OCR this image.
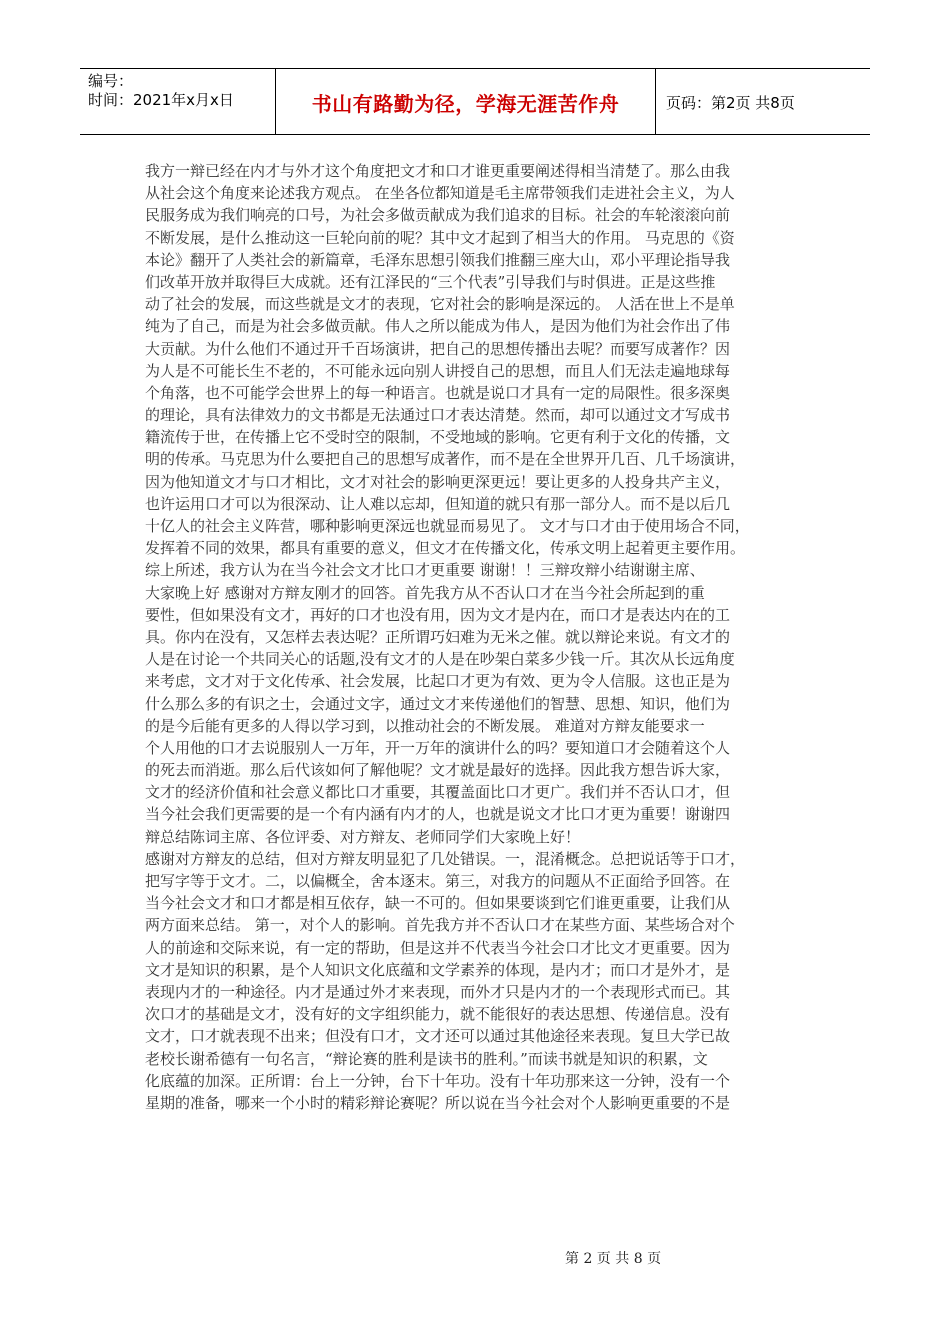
编号：
时间：2021年x月x日	书山有路勤为径，学海无涯苦作舟	页码：第2页 共8页
我方一辩已经在内才与外才这个角度把文才和口才谁更重要阐述得相当清楚了。那么由我
从社会这个角度来论述我方观点。 在坐各位都知道是毛主席带领我们走进社会主义，为人
民服务成为我们响亮的口号，为社会多做贡献成为我们追求的目标。社会的车轮滚滚向前
不断发展，是什么推动这一巨轮向前的呢？其中文才起到了相当大的作用。 马克思的《资
本论》翻开了人类社会的新篇章，毛泽东思想引领我们推翻三座大山，邓小平理论指导我
们改革开放并取得巨大成就。还有江泽民的“三个代表”引导我们与时俱进。正是这些推
动了社会的发展，而这些就是文才的表现，它对社会的影响是深远的。 人活在世上不是单
纯为了自己，而是为社会多做贡献。伟人之所以能成为伟人，是因为他们为社会作出了伟
大贡献。为什么他们不通过开千百场演讲，把自己的思想传播出去呢？而要写成著作？因
为人是不可能长生不老的，不可能永远向别人讲授自己的思想，而且人们无法走遍地球每
个角落，也不可能学会世界上的每一种语言。也就是说口才具有一定的局限性。很多深奥
的理论，具有法律效力的文书都是无法通过口才表达清楚。然而，却可以通过文才写成书
籍流传于世，在传播上它不受时空的限制，不受地域的影响。它更有利于文化的传播，文
明的传承。马克思为什么要把自己的思想写成著作，而不是在全世界开几百、几千场演讲，
因为他知道文才与口才相比，文才对社会的影响更深更远！要让更多的人投身共产主义，
也许运用口才可以为很深动、让人难以忘却，但知道的就只有那一部分人。而不是以后几
十亿人的社会主义阵营，哪种影响更深远也就显而易见了。 文才与口才由于使用场合不同，
发挥着不同的效果，都具有重要的意义，但文才在传播文化，传承文明上起着更主要作用。
综上所述，我方认为在当今社会文才比口才更重要 谢谢！！三辩攻辩小结谢谢主席、
大家晚上好 感谢对方辩友刚才的回答。首先我方从不否认口才在当今社会所起到的重
要性，但如果没有文才，再好的口才也没有用，因为文才是内在，而口才是表达内在的工
具。你内在没有，又怎样去表达呢？正所谓巧妇难为无米之催。就以辩论来说。有文才的
人是在讨论一个共同关心的话题,没有文才的人是在吵架白菜多少钱一斤。其次从长远角度
来考虑，文才对于文化传承、社会发展，比起口才更为有效、更为令人信服。这也正是为
什么那么多的有识之士，会通过文字，通过文才来传递他们的智慧、思想、知识，他们为
的是今后能有更多的人得以学习到，以推动社会的不断发展。 难道对方辩友能要求一
个人用他的口才去说服别人一万年，开一万年的演讲什么的吗？要知道口才会随着这个人
的死去而消逝。那么后代该如何了解他呢？文才就是最好的选择。因此我方想告诉大家，
文才的经济价值和社会意义都比口才重要，其覆盖面比口才更广。我们并不否认口才，但
当今社会我们更需要的是一个有内涵有内才的人，也就是说文才比口才更为重要！谢谢四
辩总结陈词主席、各位评委、对方辩友、老师同学们大家晚上好！
感谢对方辩友的总结，但对方辩友明显犯了几处错误。一，混淆概念。总把说话等于口才，
把写字等于文才。二，以偏概全，舍本逐末。第三，对我方的问题从不正面给予回答。在
当今社会文才和口才都是相互依存，缺一不可的。但如果要谈到它们谁更重要，让我们从
两方面来总结。 第一，对个人的影响。首先我方并不否认口才在某些方面、某些场合对个
人的前途和交际来说，有一定的帮助，但是这并不代表当今社会口才比文才更重要。因为
文才是知识的积累，是个人知识文化底蕴和文学素养的体现，是内才；而口才是外才，是
表现内才的一种途径。内才是通过外才来表现，而外才只是内才的一个表现形式而已。其
次口才的基础是文才，没有好的文字组织能力，就不能很好的表达思想、传递信息。没有
文才，口才就表现不出来；但没有口才，文才还可以通过其他途径来表现。复旦大学已故
老校长谢希德有一句名言，“辩论赛的胜利是读书的胜利。”而读书就是知识的积累，文
化底蕴的加深。正所谓：台上一分钟，台下十年功。没有十年功那来这一分钟，没有一个
星期的准备，哪来一个小时的精彩辩论赛呢？所以说在当今社会对个人影响更重要的不是
第 2 页 共 8 页
